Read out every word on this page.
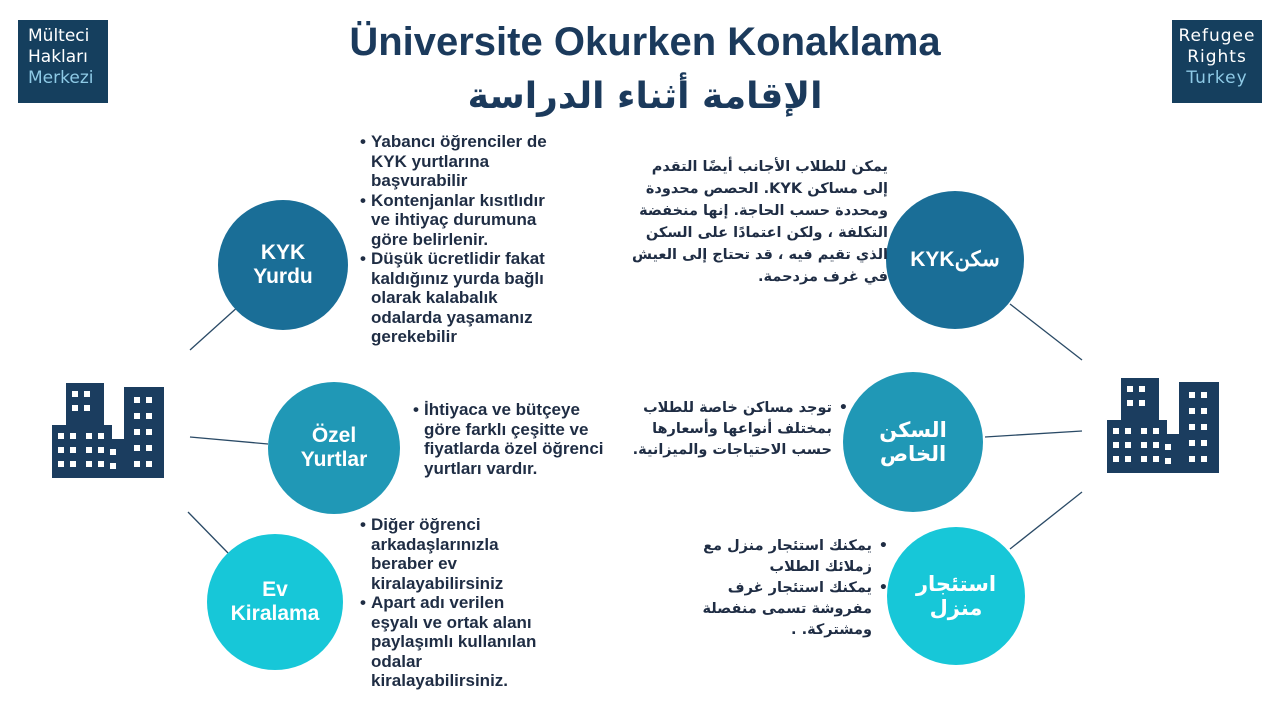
Mülteci
Hakları
Merkezi
Refugee
Rights
Turkey
Üniversite Okurken Konaklama
الإقامة أثناء الدراسة
KYK
Yurdu
Özel
Yurtlar
Ev
Kiralama
• Yabancı öğrenciler de KYK yurtlarına başvurabilir
• Kontenjanlar kısıtlıdır ve ihtiyaç durumuna göre belirlenir.
• Düşük ücretlidir fakat kaldığınız yurda bağlı olarak kalabalık odalarda yaşamanız gerekebilir
• İhtiyaca ve bütçeye göre farklı çeşitte ve fiyatlarda özel öğrenci yurtları vardır.
• Diğer öğrenci arkadaşlarınızla beraber ev kiralayabilirsiniz
• Apart adı verilen eşyalı ve ortak alanı paylaşımlı kullanılan odalar kiralayabilirsiniz.
سكنKYK
السكن
الخاص
استئجار
منزل
يمكن للطلاب الأجانب أيضًا التقدم إلى مساكن KYK. الحصص محدودة ومحددة حسب الحاجة. إنها منخفضة التكلفة ، ولكن اعتمادًا على السكن الذي تقيم فيه ، قد تحتاج إلى العيش في غرف مزدحمة.
• توجد مساكن خاصة للطلاب بمختلف أنواعها وأسعارها حسب الاحتياجات والميزانية.
• يمكنك استئجار منزل مع زملائك الطلاب
• يمكنك استئجار غرف مفروشة تسمى منفصلة ومشتركة. .
